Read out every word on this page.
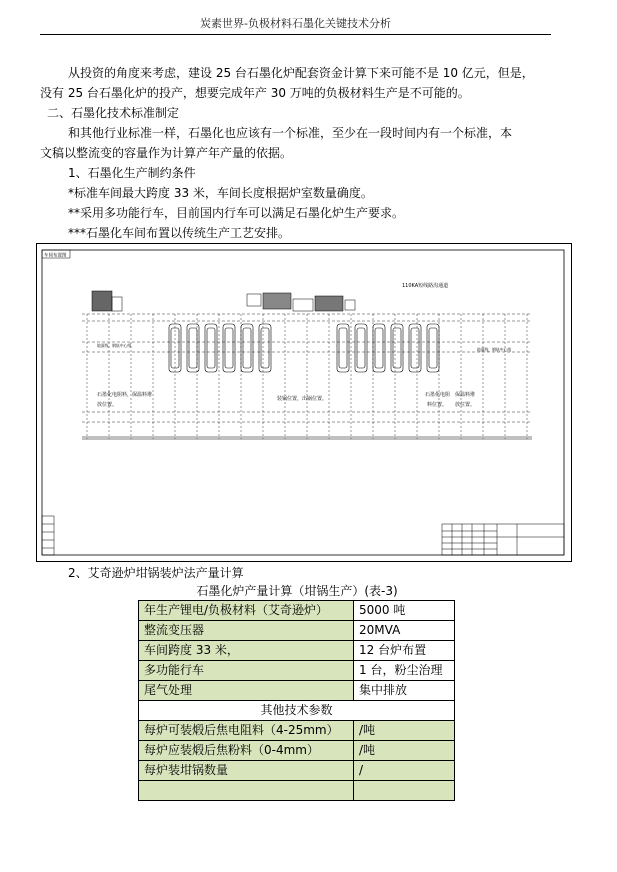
炭素世界-负极材料石墨化关键技术分析

从投资的角度来考虑，建设 25 台石墨化炉配套资金计算下来可能不是 10 亿元，但是，

没有 25 台石墨化炉的投产，想要完成年产 30 万吨的负极材料生产是不可能的。

二、石墨化技术标准制定

和其他行业标准一样，石墨化也应该有一个标准，至少在一段时间内有一个标准，本

文稿以整流变的容量作为计算产年产量的依据。

1、石墨化生产制约条件

*标准车间最大跨度 33 米，车间长度根据炉室数量确度。

**采用多功能行车，目前国内行车可以满足石墨化炉生产要求。

***石墨化车间布置以传统生产工艺安排。

车间布置图
110KA短线路沟通道
地面线，钢轨中心线
地面线，钢轨中心线
石墨化电阻料，保温料堆
放位置。
装锅位置，出锅位置。
石墨化电阻
料位置。
保温料堆
放位置。

2、艾奇逊炉坩锅装炉法产量计算

石墨化炉产量计算（坩锅生产）(表-3)
年生产锂电/负极材料（艾奇逊炉）	5000 吨
整流变压器	20MVA
车间跨度 33 米，	12 台炉布置
多功能行车	1 台，粉尘治理
尾气处理	集中排放
其他技术参数	
每炉可装煅后焦电阻料（4-25mm）	/吨
每炉应装煅后焦粉料（0-4mm）	/吨
每炉装坩锅数量	/
